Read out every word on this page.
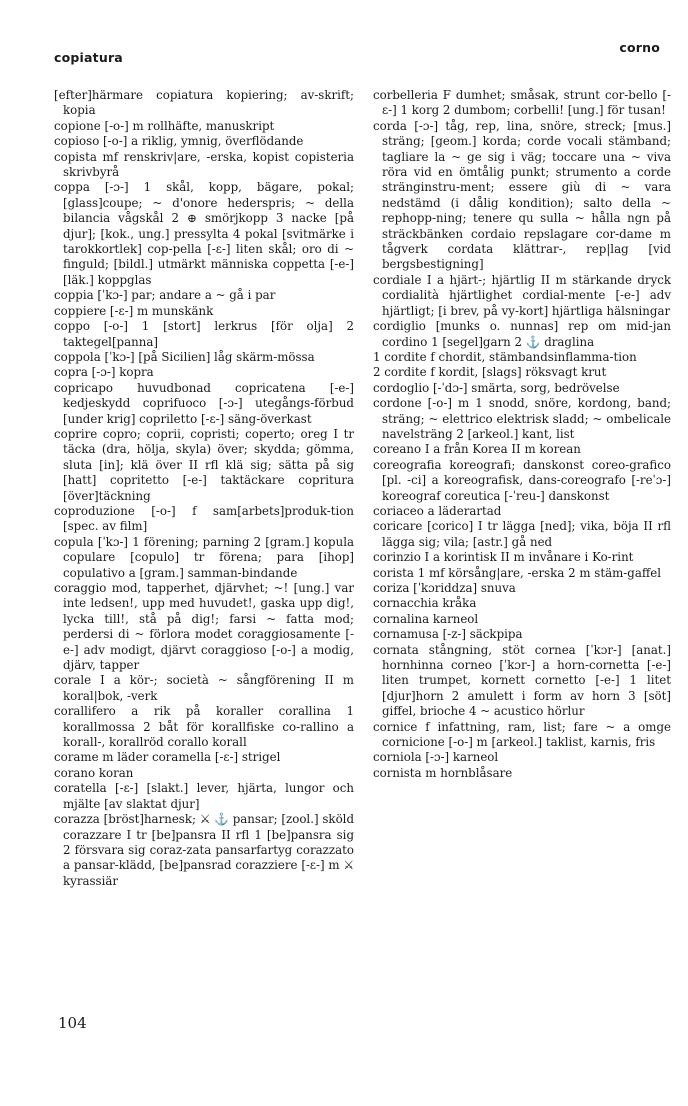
copiatura
corno

[efter]härmare copiatura kopiering; av-skrift; kopia

copione [-o-] m rollhäfte, manuskript

copioso [-o-] a riklig, ymnig, överflödande

copista mf renskriv|are, -erska, kopist copisteria skrivbyrå

coppa [-ɔ-] 1 skål, kopp, bägare, pokal; [glass]coupe; ~ d'onore hederspris; ~ della bilancia vågskål 2 ⊕ smörjkopp 3 nacke [på djur]; [kok., ung.] pressylta 4 pokal [svitmärke i tarokkortlek] cop-pella [-ɛ-] liten skål; oro di ~ finguld; [bildl.] utmärkt människa coppetta [-e-] [läk.] koppglas

coppia [ˈkɔ-] par; andare a ~ gå i par

coppiere [-ɛ-] m munskänk

coppo [-o-] 1 [stort] lerkrus [för olja] 2 taktegel[panna]

coppola [ˈkɔ-] [på Sicilien] låg skärm-mössa

copra [-ɔ-] kopra

copricapo huvudbonad copricatena [-e-] kedjeskydd coprifuoco [-ɔ-] utegångs-förbud [under krig] copriletto [-ɛ-] säng-överkast

coprire coprо; coprii, copristi; coperto; oreg I tr täcka (dra, hölja, skyla) över; skydda; gömma, sluta [in]; klä över II rfl klä sig; sätta på sig [hatt] copritetto [-e-] taktäckare copritura [över]täckning

coproduzione [-o-] f sam[arbets]produk-tion [spec. av film]

copula [ˈkɔ-] 1 förening; parning 2 [gram.] kopula copulare [copulo] tr förena; para [ihop] copulativo a [gram.] samman-bindande

coraggio mod, tapperhet, djärvhet; ~! [ung.] var inte ledsen!, upp med huvudet!, gaska upp dig!, lycka till!, stå på dig!; farsi ~ fatta mod; perdersi di ~ förlora modet coraggiosamente [-e-] adv modigt, djärvt coraggioso [-o-] a modig, djärv, tapper

corale I a kör-; società ~ sångförening II m koral|bok, -verk

corallifero a rik på koraller corallina 1 korallmossa 2 båt för korallfiske co-rallino a korall-, korallröd corallo korall

corame m läder coramella [-ɛ-] strigel

corano koran

coratella [-ɛ-] [slakt.] lever, hjärta, lungor och mjälte [av slaktat djur]

corazza [bröst]harnesk; ⚔ ⚓ pansar; [zool.] sköld corazzare I tr [be]pansra II rfl 1 [be]pansra sig 2 försvara sig coraz-zata pansarfartyg corazzato a pansar-klädd, [be]pansrad corazziere [-ɛ-] m ⚔ kyrassiär

corbelleria F dumhet; småsak, strunt cor-bello [-ɛ-] 1 korg 2 dumbom; corbelli! [ung.] för tusan!

corda [-ɔ-] tåg, rep, lina, snöre, streck; [mus.] sträng; [geom.] korda; corde vocali stämband; tagliare la ~ ge sig i väg; toccare una ~ viva röra vid en ömtålig punkt; strumento a corde stränginstru-ment; essere giù di ~ vara nedstämd (i dålig kondition); salto della ~ rephopp-ning; tenere qu sulla ~ hålla ngn på sträckbänken cordaio repslagare cor-dame m tågverk cordata klättrar-, rep|lag [vid bergsbestigning]

cordiale I a hjärt-; hjärtlig II m stärkande dryck cordialità hjärtlighet cordial-mente [-e-] adv hjärtligt; [i brev, på vy-kort] hjärtliga hälsningar

cordiglio [munks o. nunnas] rep om mid-jan cordino 1 [segel]garn 2 ⚓ draglina

1 cordite f chordit, stämbandsinflamma-tion

2 cordite f kordit, [slags] röksvagt krut

cordoglio [-ˈdɔ-] smärta, sorg, bedrövelse

cordone [-o-] m 1 snodd, snöre, kordong, band; sträng; ~ elettrico elektrisk sladd; ~ ombelicale navelsträng 2 [arkeol.] kant, list

coreano I a från Korea II m korean

coreografia koreografi; danskonst coreo-grafico [pl. -ci] a koreografisk, dans-coreografo [-reˈɔ-] koreograf coreutica [-ˈreu-] danskonst

coriaceo a läderartad

coricare [corico] I tr lägga [ned]; vika, böja II rfl lägga sig; vila; [astr.] gå ned

corinzio I a korintisk II m invånare i Ko-rint

corista 1 mf körsång|are, -erska 2 m stäm-gaffel

coriza [ˈkɔriddza] snuva

cornacchia kråka

cornalina karneol

cornamusa [-z-] säckpipa

cornata stångning, stöt cornea [ˈkɔr-] [anat.] hornhinna corneo [ˈkɔr-] a horn-cornetta [-e-] liten trumpet, kornett cornetto [-e-] 1 litet [djur]horn 2 amulett i form av horn 3 [söt] giffel, brioche 4 ~ acustico hörlur

cornice f infattning, ram, list; fare ~ a omge cornicione [-o-] m [arkeol.] taklist, karnis, fris

corniola [-ɔ-] karneol

cornista m hornblåsare

104
